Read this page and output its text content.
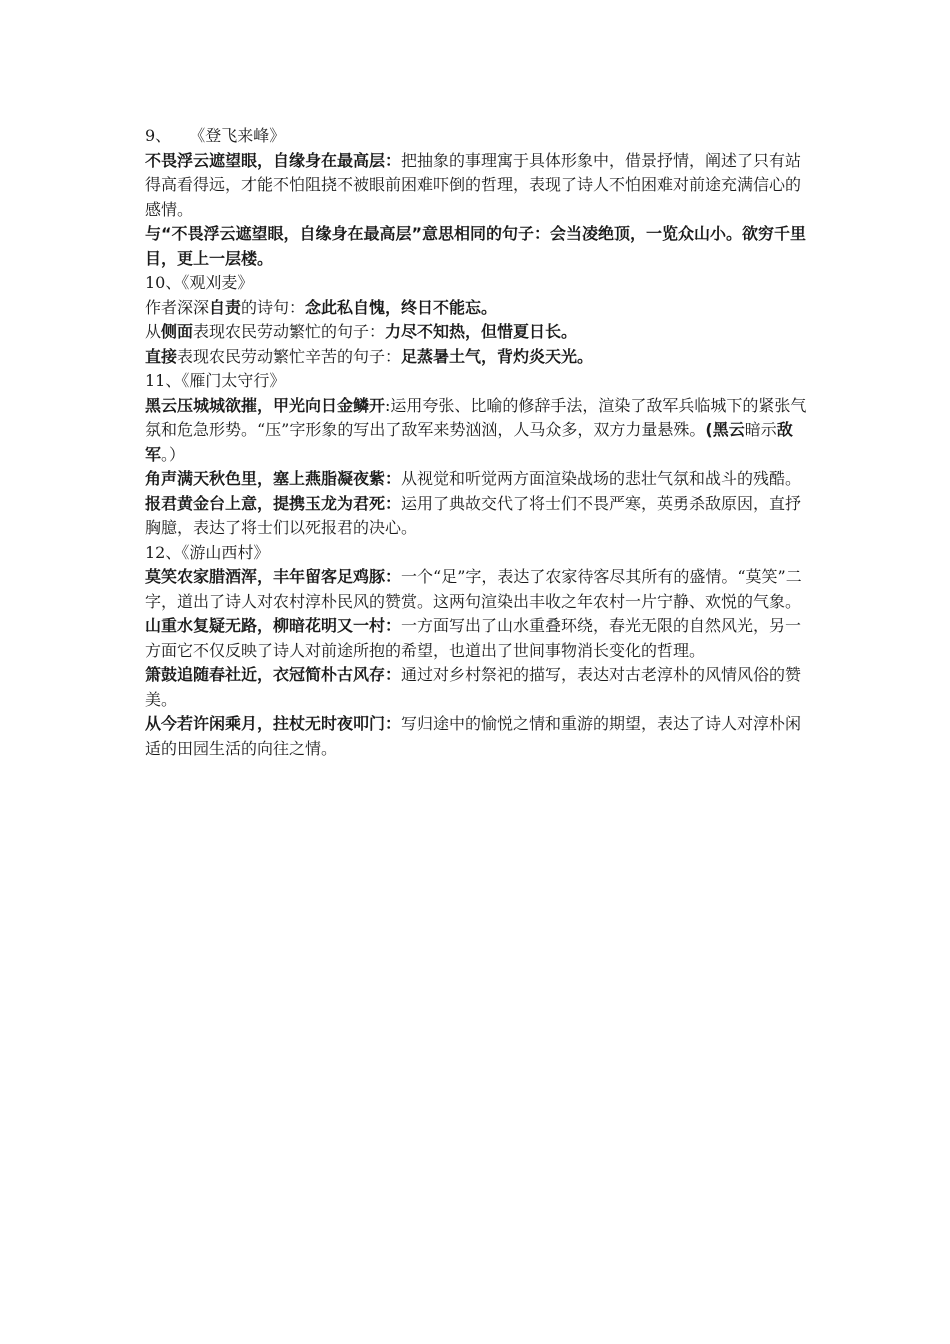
9、 《登飞来峰》

不畏浮云遮望眼，自缘身在最高层：把抽象的事理寓于具体形象中，借景抒情，阐述了只有站得高看得远，才能不怕阻挠不被眼前困难吓倒的哲理，表现了诗人不怕困难对前途充满信心的感情。

与“不畏浮云遮望眼，自缘身在最高层”意思相同的句子：会当凌绝顶，一览众山小。欲穷千里目，更上一层楼。

10、《观刈麦》

作者深深自责的诗句：念此私自愧，终日不能忘。

从侧面表现农民劳动繁忙的句子：力尽不知热，但惜夏日长。

直接表现农民劳动繁忙辛苦的句子：足蒸暑土气，背灼炎天光。

11、《雁门太守行》

黑云压城城欲摧，甲光向日金鳞开:运用夸张、比喻的修辞手法，渲染了敌军兵临城下的紧张气氛和危急形势。“压”字形象的写出了敌军来势汹汹，人马众多，双方力量悬殊。(黑云暗示敌军。）

角声满天秋色里，塞上燕脂凝夜紫：从视觉和听觉两方面渲染战场的悲壮气氛和战斗的残酷。

报君黄金台上意，提携玉龙为君死：运用了典故交代了将士们不畏严寒，英勇杀敌原因，直抒胸臆，表达了将士们以死报君的决心。

12、《游山西村》

莫笑农家腊酒浑，丰年留客足鸡豚：一个“足”字，表达了农家待客尽其所有的盛情。“莫笑”二字，道出了诗人对农村淳朴民风的赞赏。这两句渲染出丰收之年农村一片宁静、欢悦的气象。

山重水复疑无路，柳暗花明又一村：一方面写出了山水重叠环绕，春光无限的自然风光，另一方面它不仅反映了诗人对前途所抱的希望，也道出了世间事物消长变化的哲理。

箫鼓追随春社近，衣冠简朴古风存：通过对乡村祭祀的描写，表达对古老淳朴的风情风俗的赞美。

从今若许闲乘月，拄杖无时夜叩门：写归途中的愉悦之情和重游的期望，表达了诗人对淳朴闲适的田园生活的向往之情。
